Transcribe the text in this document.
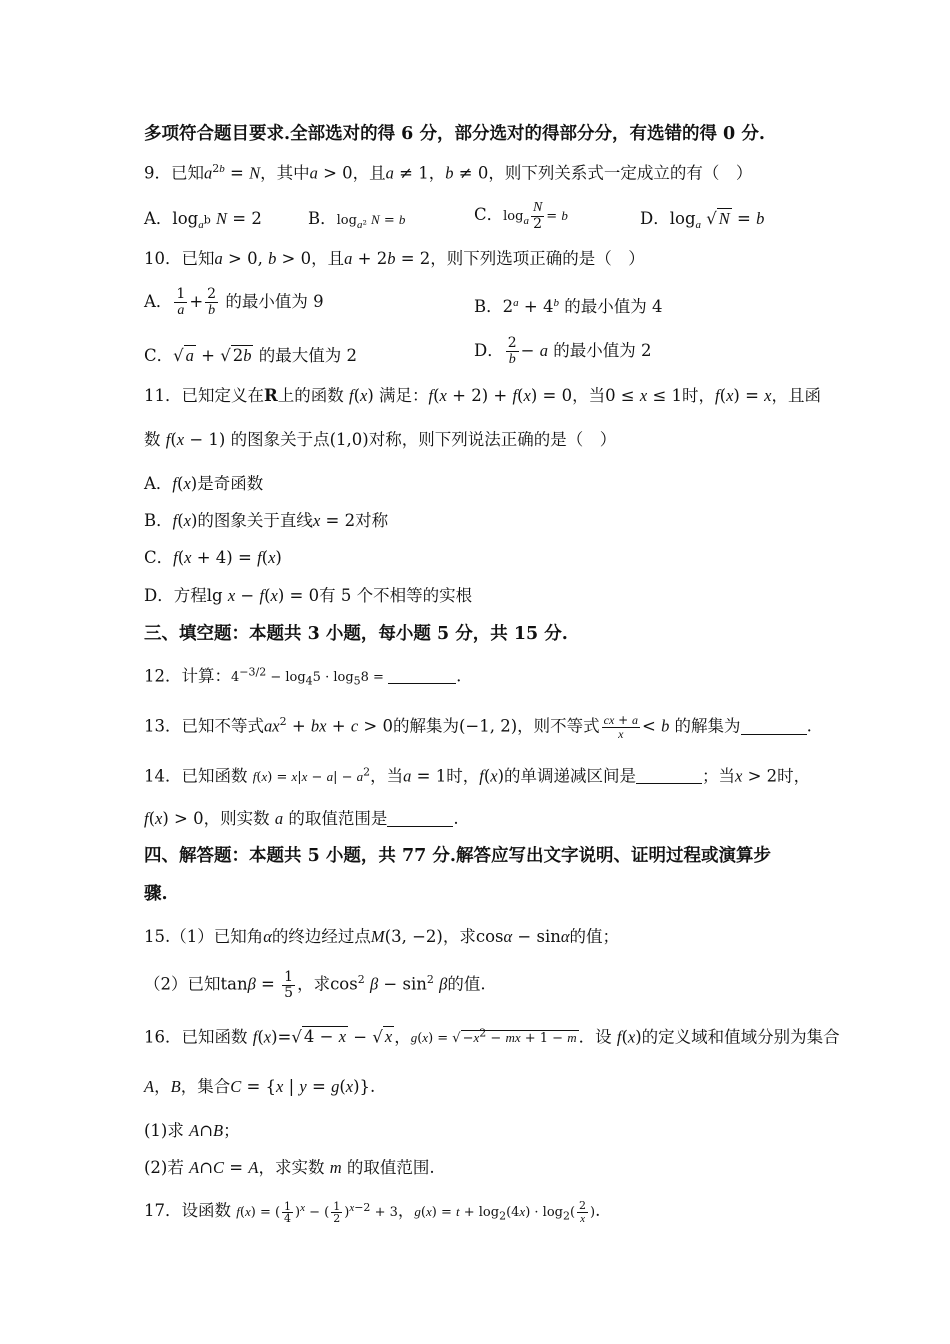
多项符合题目要求.全部选对的得 6 分，部分选对的得部分分，有选错的得 0 分.
9．已知$a^{2b} = N$，其中a > 0，且a ≠ 1，b ≠ 0，则下列关系式一定成立的有（　）
A．$\log_{a^b} N = 2$	B．$\log_{a^2} N = b$	C．$\log_a \frac{N}{2} = b$	D．$\log_a$ √ N = b
10．已知a > 0, b > 0，且a + 2b = 2，则下列选项正确的是（　）
A． $\frac{1}{a} + \frac{2}{b}$ 的最小值为 9	B．$2^a + 4^b$ 的最小值为 4
C．√ a + √ 2b 的最大值为 2	D． $\frac{2}{b} - a$ 的最小值为 2
11．已知定义在R上的函数 f(x) 满足：f(x + 2) + f(x) = 0，当0 ≤ x ≤ 1时，f(x) = x，且函
数 f(x − 1) 的图象关于点(1,0)对称，则下列说法正确的是（　）
A．f(x)是奇函数
B．f(x)的图象关于直线x = 2对称
C．f(x + 4) = f(x)
D．方程lg x − f(x) = 0有 5 个不相等的实根
三、填空题：本题共 3 小题，每小题 5 分，共 15 分.
12．计算：$4^{-3/2} - \log_45 \cdot \log_58$ =	.
13．已知不等式$ax^2$ + bx + c > 0的解集为(−1, 2)，则不等式 $\frac{cx + a}{x} < b$ 的解集为	.
14．已知函数 $f(x) = x|x - a| - a^2$，当a = 1时，f(x)的单调递减区间是	；当x > 2时，
f(x) > 0，则实数 a 的取值范围是	.
四、解答题：本题共 5 小题，共 77 分.解答应写出文字说明、证明过程或演算步
骤.
15.（1）已知角α的终边经过点M(3, −2)，求cosα − sinα的值；
（2）已知$\tan\beta = \frac{1}{5}$ ，求$\cos^2 \beta - \sin^2 \beta$的值.
16．已知函数 f(x)=√ 4 − x − √ x ，g(x) = √ $-x^2$ − mx + 1 − m ．设 f(x)的定义域和值域分别为集合
A，B，集合C = {x | y = g(x)}.
(1)求 A∩B；
(2)若 A∩C = A，求实数 m 的取值范围.
17．设函数 f(x) = ( $\frac{1}{4} )^x$ − ( $\frac{1}{2} )^{x-2} + 3$，$g(x) = t + \log_2(4x) \cdot \log_2( \frac{2}{x}$ ).
